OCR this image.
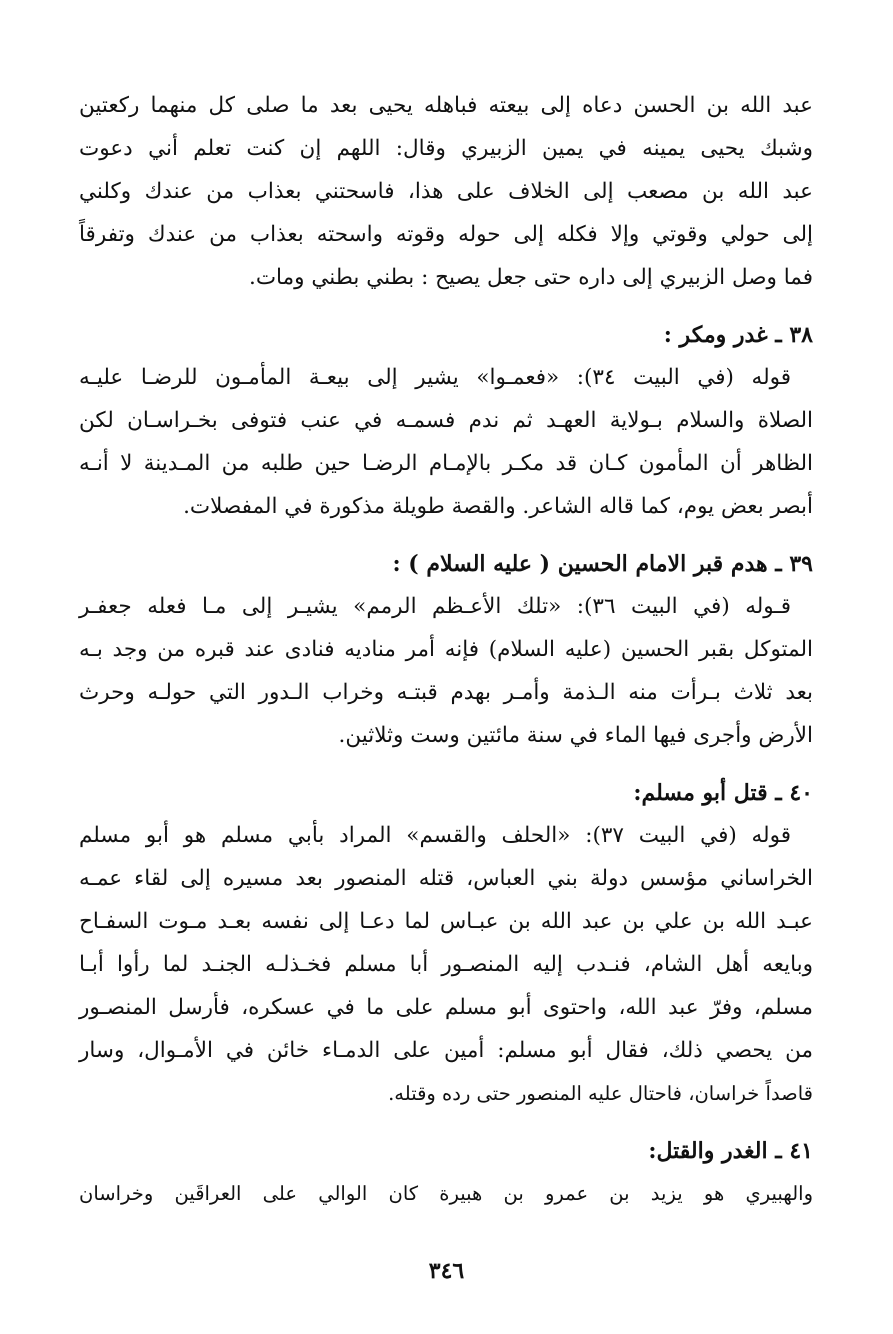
عبد الله بن الحسن دعاه إلى بيعته فباهله يحيى بعد ما صلى كل منهما ركعتين
وشبك يحيى يمينه في يمين الزبيري وقال: اللهم إن كنت تعلم أني دعوت
عبد الله بن مصعب إلى الخلاف على هذا، فاسحتني بعذاب من عندك وكلني
إلى حولي وقوتي وإلا فكله إلى حوله وقوته واسحته بعذاب من عندك وتفرقاً
فما وصل الزبيري إلى داره حتى جعل يصيح : بطني بطني ومات.
٣٨ ـ غدر ومكر :
قوله (في البيت ٣٤): «فعمـوا» يشير إلى بيعـة المأمـون للرضـا عليـه
الصلاة والسلام بـولاية العهـد ثم ندم فسمـه في عنب فتوفى بخـراسـان لكن
الظاهر أن المأمون كـان قد مكـر بالإمـام الرضـا حين طلبه من المـدينة لا أنـه
أبصر بعض يوم، كما قاله الشاعر. والقصة طويلة مذكورة في المفصلات.
٣٩ ـ هدم قبر الامام الحسين ( عليه السلام ) :
قـوله (في البيت ٣٦): «تلك الأعـظم الرمم» يشيـر إلى مـا فعله جعفـر
المتوكل بقبر الحسين (عليه السلام) فإنه أمر مناديه فنادى عند قبره من وجد بـه
بعد ثلاث بـرأت منه الـذمة وأمـر بهدم قبتـه وخراب الـدور التي حولـه وحرث
الأرض وأجرى فيها الماء في سنة مائتين وست وثلاثين.
٤٠ ـ قتل أبو مسلم:
قوله (في البيت ٣٧): «الحلف والقسم» المراد بأبي مسلم هو أبو مسلم
الخراساني مؤسس دولة بني العباس، قتله المنصور بعد مسيره إلى لقاء عمـه
عبـد الله بن علي بن عبد الله بن عبـاس لما دعـا إلى نفسه بعـد مـوت السفـاح
وبايعه أهل الشام، فنـدب إليه المنصـور أبا مسلم فخـذلـه الجنـد لما رأوا أبـا
مسلم، وفرّ عبد الله، واحتوى أبو مسلم على ما في عسكره، فأرسل المنصـور
من يحصي ذلك، فقال أبو مسلم: أمين على الدمـاء خائن في الأمـوال، وسار
قاصداً خراسان، فاحتال عليه المنصور حتى رده وقتله.
٤١ ـ الغدر والقتل:
والهبيري هو يزيد بن عمرو بن هبيرة كان الوالي على العراقَين وخراسان
٣٤٦
